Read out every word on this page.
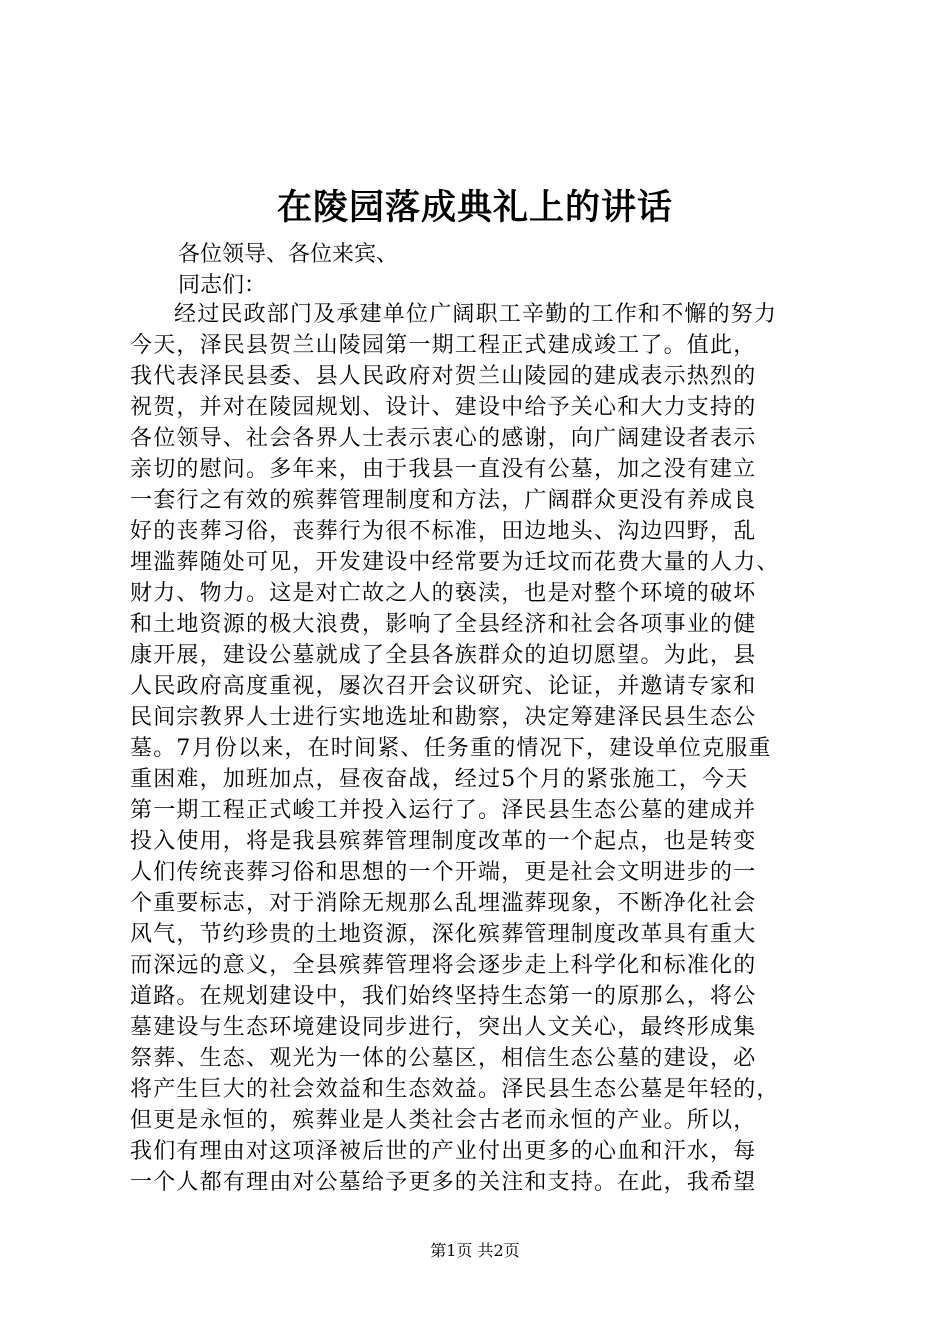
在陵园落成典礼上的讲话

各位领导、各位来宾、

同志们：

经过民政部门及承建单位广阔职工辛勤的工作和不懈的努力
今天，泽民县贺兰山陵园第一期工程正式建成竣工了。值此，
我代表泽民县委、县人民政府对贺兰山陵园的建成表示热烈的
祝贺，并对在陵园规划、设计、建设中给予关心和大力支持的
各位领导、社会各界人士表示衷心的感谢，向广阔建设者表示
亲切的慰问。多年来，由于我县一直没有公墓，加之没有建立
一套行之有效的殡葬管理制度和方法，广阔群众更没有养成良
好的丧葬习俗，丧葬行为很不标准，田边地头、沟边四野，乱
埋滥葬随处可见，开发建设中经常要为迁坟而花费大量的人力、
财力、物力。这是对亡故之人的亵渎，也是对整个环境的破坏
和土地资源的极大浪费，影响了全县经济和社会各项事业的健
康开展，建设公墓就成了全县各族群众的迫切愿望。为此，县
人民政府高度重视，屡次召开会议研究、论证，并邀请专家和
民间宗教界人士进行实地选址和勘察，决定筹建泽民县生态公
墓。7月份以来，在时间紧、任务重的情况下，建设单位克服重
重困难，加班加点，昼夜奋战，经过5个月的紧张施工，今天
第一期工程正式峻工并投入运行了。泽民县生态公墓的建成并
投入使用，将是我县殡葬管理制度改革的一个起点，也是转变
人们传统丧葬习俗和思想的一个开端，更是社会文明进步的一
个重要标志，对于消除无规那么乱埋滥葬现象，不断净化社会
风气，节约珍贵的土地资源，深化殡葬管理制度改革具有重大
而深远的意义，全县殡葬管理将会逐步走上科学化和标准化的
道路。在规划建设中，我们始终坚持生态第一的原那么，将公
墓建设与生态环境建设同步进行，突出人文关心，最终形成集
祭葬、生态、观光为一体的公墓区，相信生态公墓的建设，必
将产生巨大的社会效益和生态效益。泽民县生态公墓是年轻的，
但更是永恒的，殡葬业是人类社会古老而永恒的产业。所以，
我们有理由对这项泽被后世的产业付出更多的心血和汗水，每
一个人都有理由对公墓给予更多的关注和支持。在此，我希望

第1页 共2页
